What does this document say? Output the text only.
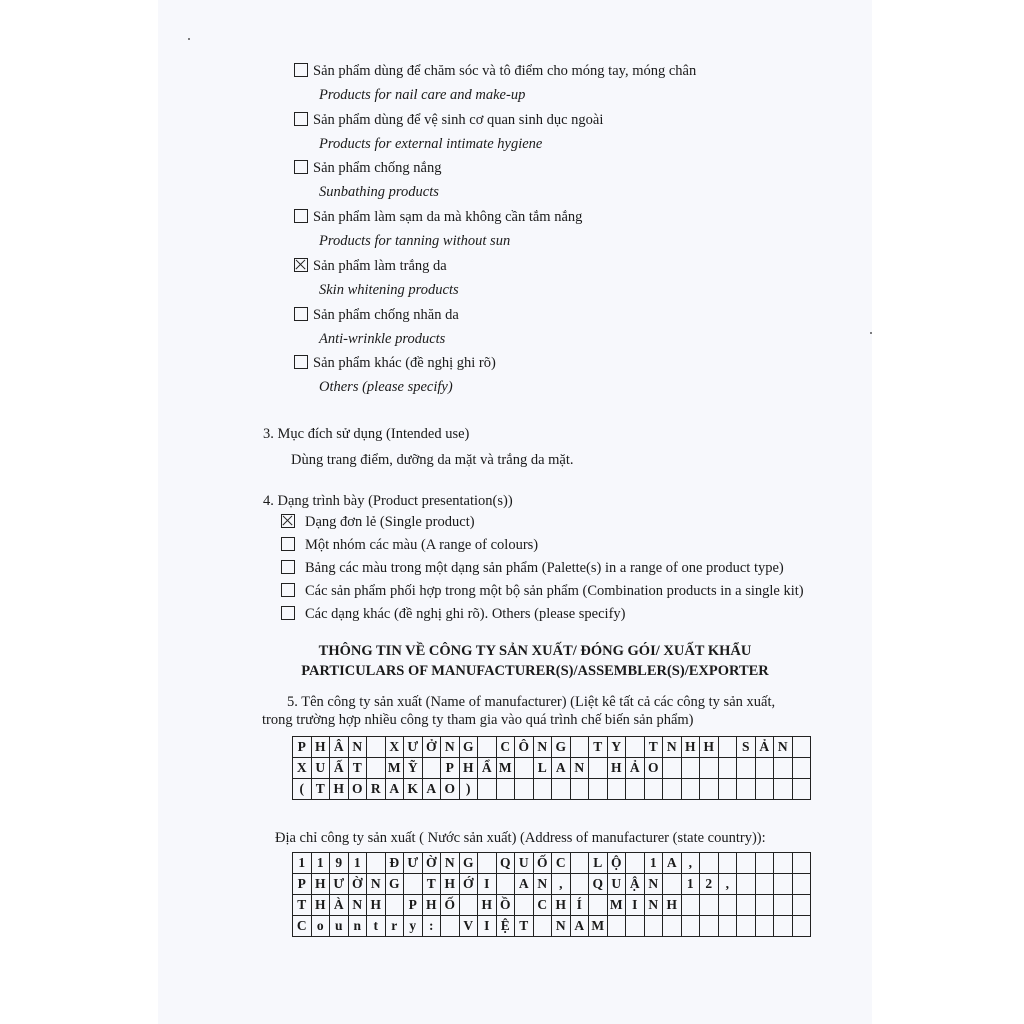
Sản phẩm dùng để chăm sóc và tô điểm cho móng tay, móng chân
Products for nail care and make-up
Sản phẩm dùng để vệ sinh cơ quan sinh dục ngoài
Products for external intimate hygiene
Sản phẩm chống nắng
Sunbathing products
Sản phẩm làm sạm da mà không cần tắm nắng
Products for tanning without sun
Sản phẩm làm trắng da
Skin whitening products
Sản phẩm chống nhăn da
Anti-wrinkle products
Sản phẩm khác (đề nghị ghi rõ)
Others (please specify)
3. Mục đích sử dụng (Intended use)
Dùng trang điểm, dưỡng da mặt và trắng da mặt.
4. Dạng trình bày (Product presentation(s))
Dạng đơn lẻ (Single product)
Một nhóm các màu (A range of colours)
Bảng các màu trong một dạng sản phẩm (Palette(s) in a range of one product type)
Các sản phẩm phối hợp trong một bộ sản phẩm (Combination products in a single kit)
Các dạng khác (đề nghị ghi rõ). Others (please specify)
THÔNG TIN VỀ CÔNG TY SẢN XUẤT/ ĐÓNG GÓI/ XUẤT KHẨU
PARTICULARS OF MANUFACTURER(S)/ASSEMBLER(S)/EXPORTER
5. Tên công ty sản xuất (Name of manufacturer) (Liệt kê tất cả các công ty sản xuất,
trong trường hợp nhiều công ty tham gia vào quá trình chế biến sản phẩm)
P	H	Â	N		X	Ư	Ở	N	G		C	Ô	N	G		T	Y		T	N	H	H		S	Ả	N	
X	U	Ấ	T		M	Ỹ		P	H	Ẩ	M		L	A	N		H	Ả	O								
(	T	H	O	R	A	K	A	O	)																		
Địa chỉ công ty sản xuất ( Nước sản xuất) (Address of manufacturer (state country)):
1	1	9	1		Đ	Ư	Ờ	N	G		Q	U	Ố	C		L	Ộ		1	A	,						
P	H	Ư	Ờ	N	G		T	H	Ớ	I		A	N	,		Q	U	Ậ	N		1	2	,				
T	H	À	N	H		P	H	Ố		H	Ồ		C	H	Í		M	I	N	H							
C	o	u	n	t	r	y	:		V	I	Ệ	T		N	A	M											
